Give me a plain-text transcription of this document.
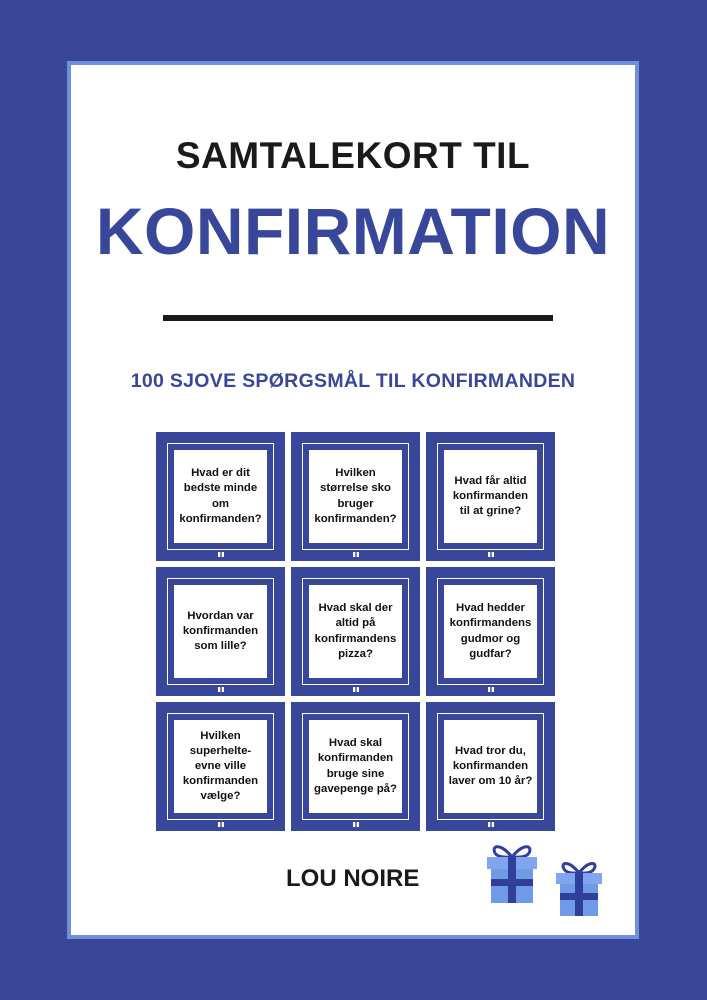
SAMTALEKORT TIL
KONFIRMATION
100 SJOVE SPØRGSMÅL TIL KONFIRMANDEN
Hvad er dit bedste minde om konfirmanden?
Hvilken størrelse sko bruger konfirmanden?
Hvad får altid konfirmanden til at grine?
Hvordan var konfirmanden som lille?
Hvad skal der altid på konfirmandens pizza?
Hvad hedder konfirmandens gudmor og gudfar?
Hvilken superhelte-evne ville konfirmanden vælge?
Hvad skal konfirmanden bruge sine gavepenge på?
Hvad tror du, konfirmanden laver om 10 år?
LOU NOIRE
